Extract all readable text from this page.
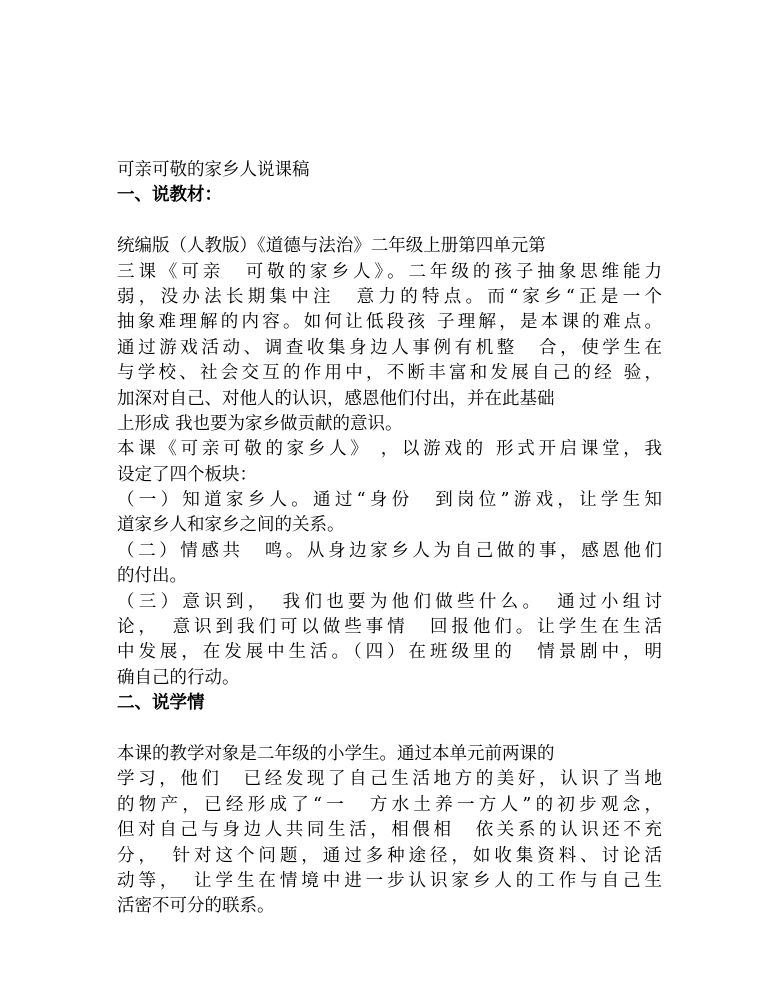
可亲可敬的家乡人说课稿
一、说教材：
统编版（人教版）《道德与法治》二年级上册第四单元第
三课《可亲　可敬的家乡人》。二年级的孩子抽象思维能力
弱，没办法长期集中注　意力的特点。而“家乡“正是一个
抽象难理解的内容。如何让低段孩 子理解，是本课的难点。
通过游戏活动、调查收集身边人事例有机整　合，使学生在
与学校、社会交互的作用中，不断丰富和发展自己的经 验，
加深对自己、对他人的认识，感恩他们付出，并在此基础
上形成 我也要为家乡做贡献的意识。
本课《可亲可敬的家乡人》 ，以游戏的 形式开启课堂，我
设定了四个板块：
（一）知道家乡人。通过“身份　到岗位”游戏，让学生知
道家乡人和家乡之间的关系。
（二）情感共　鸣。从身边家乡人为自己做的事，感恩他们
的付出。
（三）意识到，　我们也要为他们做些什么。　通过小组讨
论，　意识到我们可以做些事情　回报他们。让学生在生活
中发展，在发展中生活。（四）在班级里的　情景剧中，明
确自己的行动。
二、说学情
本课的教学对象是二年级的小学生。通过本单元前两课的
学习，他们　已经发现了自己生活地方的美好，认识了当地
的物产，已经形成了“一　方水土养一方人”的初步观念，
但对自己与身边人共同生活，相偎相　依关系的认识还不充
分，　针对这个问题，通过多种途径，如收集资料、讨论活
动等，　让学生在情境中进一步认识家乡人的工作与自己生
活密不可分的联系。
